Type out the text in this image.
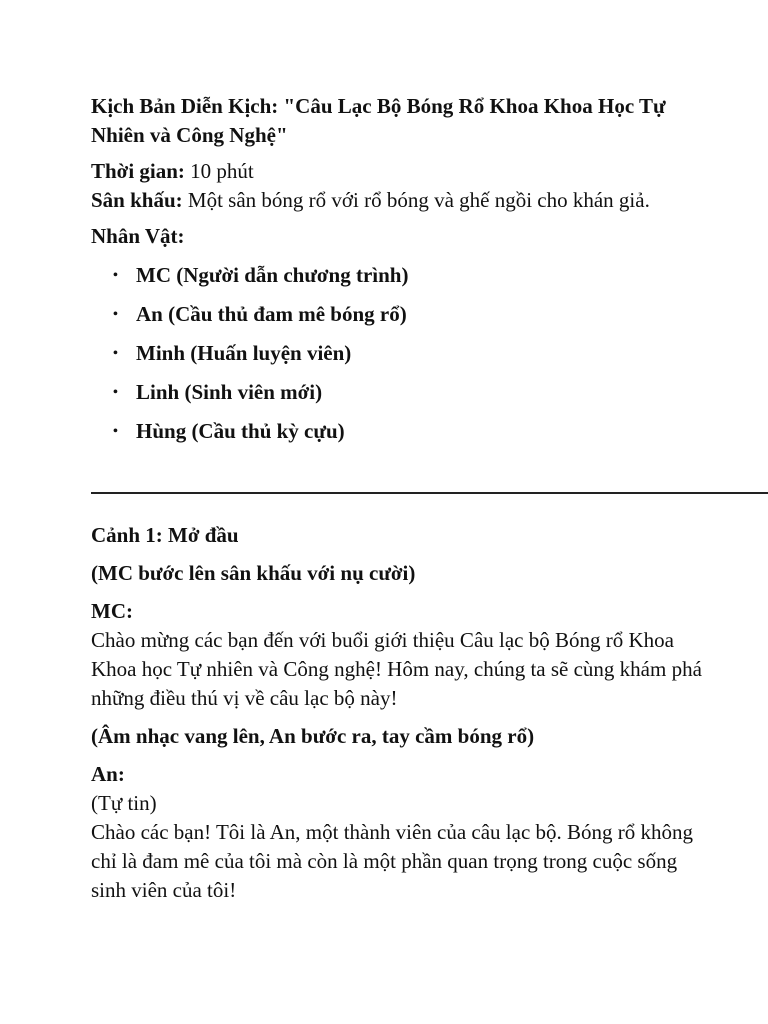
Kịch Bản Diễn Kịch: "Câu Lạc Bộ Bóng Rổ Khoa Khoa Học Tự Nhiên và Công Nghệ"
Thời gian: 10 phút
Sân khấu: Một sân bóng rổ với rổ bóng và ghế ngồi cho khán giả.
Nhân Vật:
• MC (Người dẫn chương trình)
• An (Cầu thủ đam mê bóng rổ)
• Minh (Huấn luyện viên)
• Linh (Sinh viên mới)
• Hùng (Cầu thủ kỳ cựu)
Cảnh 1: Mở đầu
(MC bước lên sân khấu với nụ cười)
MC:
Chào mừng các bạn đến với buổi giới thiệu Câu lạc bộ Bóng rổ Khoa Khoa học Tự nhiên và Công nghệ! Hôm nay, chúng ta sẽ cùng khám phá những điều thú vị về câu lạc bộ này!
(Âm nhạc vang lên, An bước ra, tay cầm bóng rổ)
An:
(Tự tin)
Chào các bạn! Tôi là An, một thành viên của câu lạc bộ. Bóng rổ không chỉ là đam mê của tôi mà còn là một phần quan trọng trong cuộc sống sinh viên của tôi!
